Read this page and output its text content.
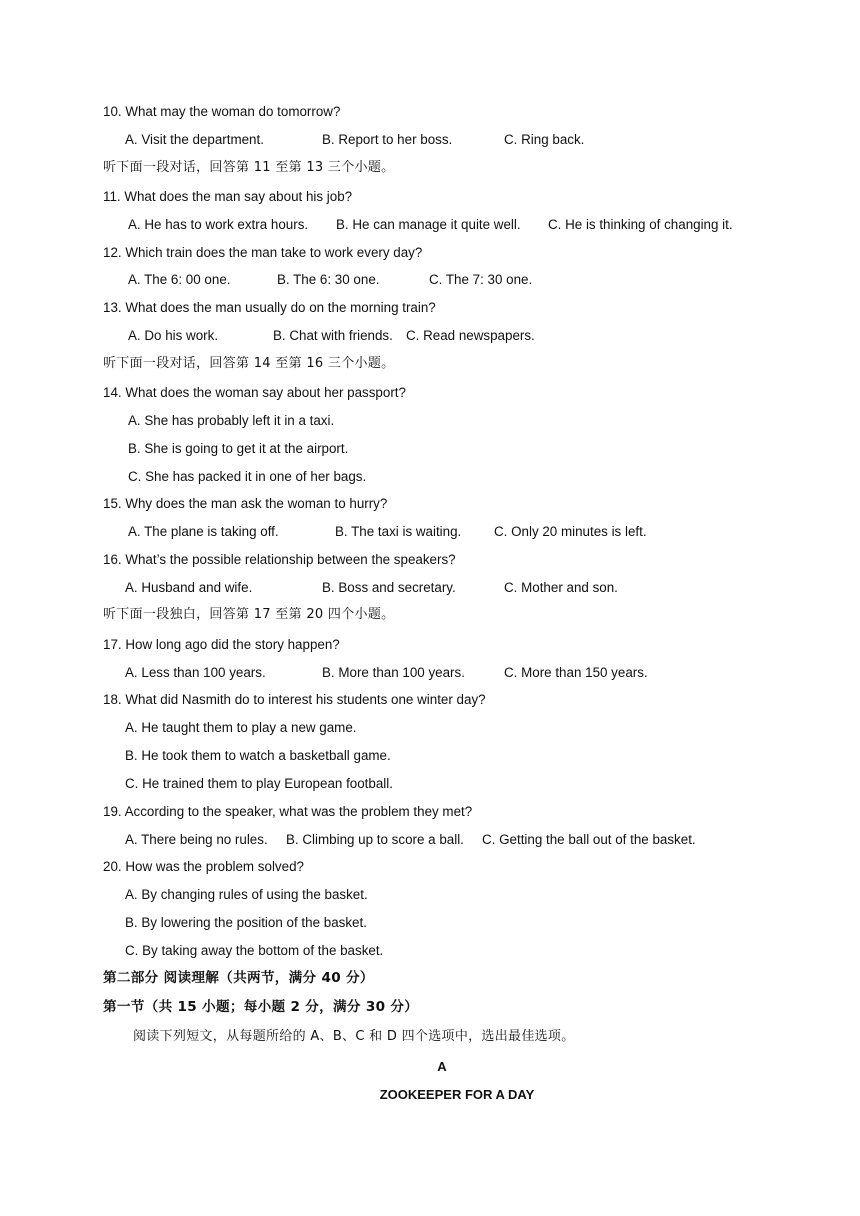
10. What may the woman do tomorrow?
A. Visit the department.	B. Report to her boss.	C. Ring back.
听下面一段对话，回答第 11 至第 13 三个小题。
11. What does the man say about his job?
A. He has to work extra hours. B. He can manage it quite well. C. He is thinking of changing it.
12. Which train does the man take to work every day?
A. The 6: 00 one.	B. The 6: 30 one.	C. The 7: 30 one.
13. What does the man usually do on the morning train?
A. Do his work.	B. Chat with friends. C. Read newspapers.
听下面一段对话，回答第 14 至第 16 三个小题。
14. What does the woman say about her passport?
A. She has probably left it in a taxi.
B. She is going to get it at the airport.
C. She has packed it in one of her bags.
15. Why does the man ask the woman to hurry?
A. The plane is taking off.	B. The taxi is waiting. C. Only 20 minutes is left.
16. What’s the possible relationship between the speakers?
A. Husband and wife.	B. Boss and secretary.	C. Mother and son.
听下面一段独白，回答第 17 至第 20 四个小题。
17. How long ago did the story happen?
A. Less than 100 years.	B. More than 100 years.	C. More than 150 years.
18. What did Nasmith do to interest his students one winter day?
A. He taught them to play a new game.
B. He took them to watch a basketball game.
C. He trained them to play European football.
19. According to the speaker, what was the problem they met?
A. There being no rules. B. Climbing up to score a ball. C. Getting the ball out of the basket.
20. How was the problem solved?
A. By changing rules of using the basket.
B. By lowering the position of the basket.
C. By taking away the bottom of the basket.
第二部分 阅读理解（共两节，满分 40 分）
第一节（共 15 小题；每小题 2 分，满分 30 分）
阅读下列短文，从每题所给的 A、B、C 和 D 四个选项中，选出最佳选项。
A
ZOOKEEPER FOR A DAY
